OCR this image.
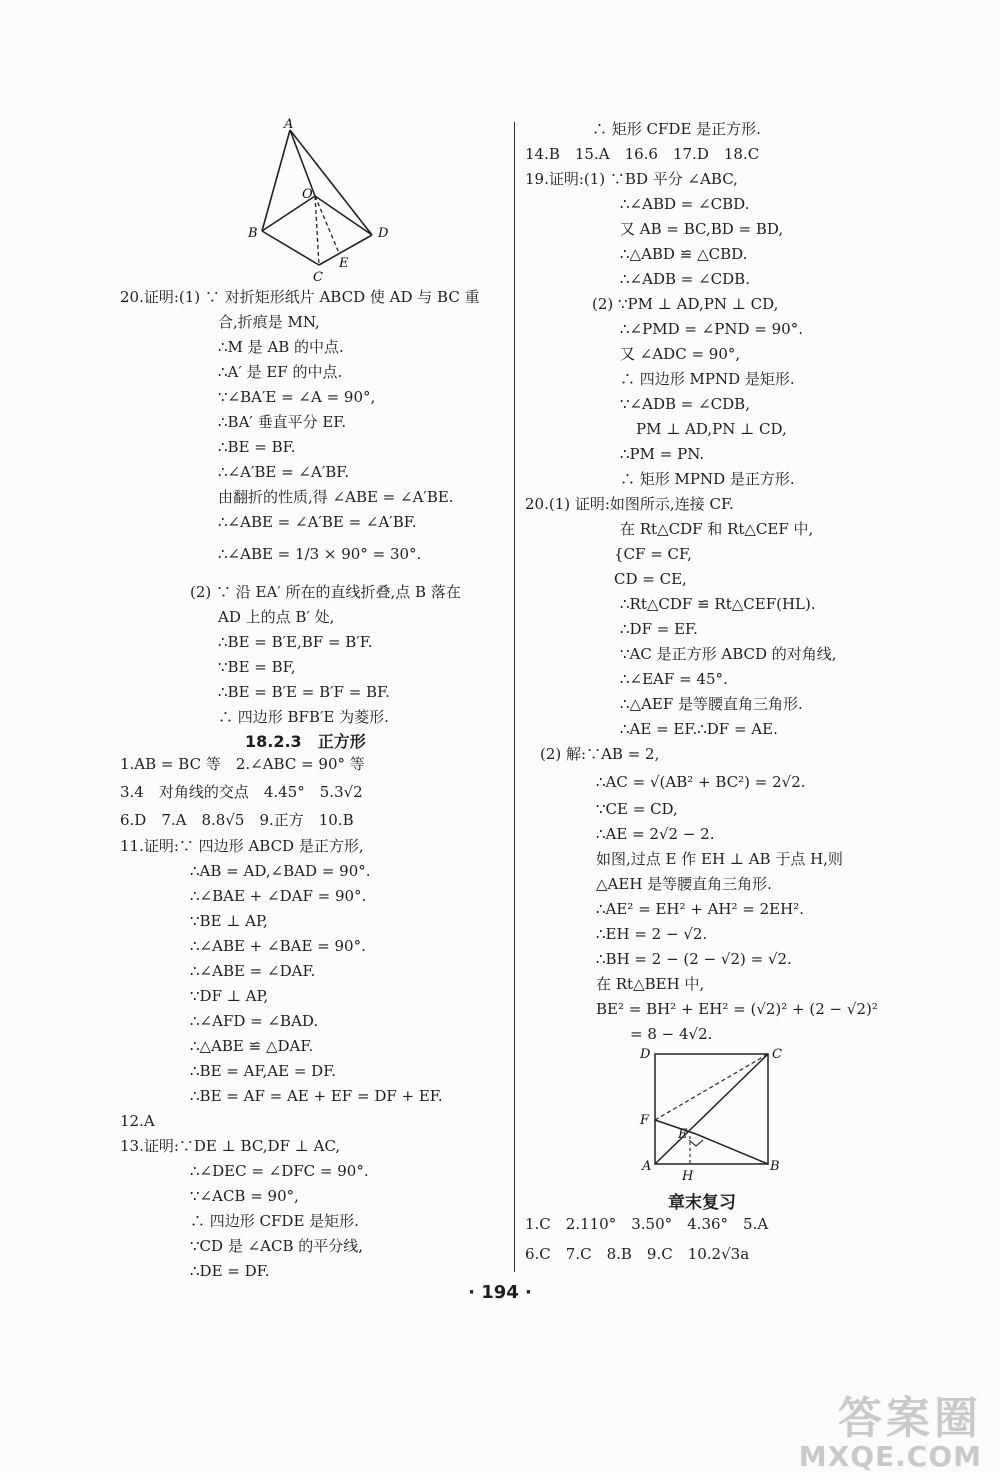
A
O
B	D
C
E
20.证明:(1) ∵ 对折矩形纸片 ABCD 使 AD 与 BC 重
合,折痕是 MN,
∴M 是 AB 的中点.
∴A′ 是 EF 的中点.
∵∠BA′E = ∠A = 90°,
∴BA′ 垂直平分 EF.
∴BE = BF.
∴∠A′BE = ∠A′BF.
由翻折的性质,得 ∠ABE = ∠A′BE.
∴∠ABE = ∠A′BE = ∠A′BF.
∴∠ABE = 1/3 × 90° = 30°.
(2) ∵ 沿 EA′ 所在的直线折叠,点 B 落在
AD 上的点 B′ 处,
∴BE = B′E,BF = B′F.
∵BE = BF,
∴BE = B′E = B′F = BF.
∴ 四边形 BFB′E 为菱形.
18.2.3　正方形
1.AB = BC 等　2.∠ABC = 90° 等
3.4　对角线的交点　4.45°　5.3√2
6.D　7.A　8.8√5　9.正方　10.B
11.证明:∵ 四边形 ABCD 是正方形,
∴AB = AD,∠BAD = 90°.
∴∠BAE + ∠DAF = 90°.
∵BE ⊥ AP,
∴∠ABE + ∠BAE = 90°.
∴∠ABE = ∠DAF.
∵DF ⊥ AP,
∴∠AFD = ∠BAD.
∴△ABE ≌ △DAF.
∴BE = AF,AE = DF.
∴BE = AF = AE + EF = DF + EF.
12.A
13.证明:∵DE ⊥ BC,DF ⊥ AC,
∴∠DEC = ∠DFC = 90°.
∵∠ACB = 90°,
∴ 四边形 CFDE 是矩形.
∵CD 是 ∠ACB 的平分线,
∴DE = DF.
∴ 矩形 CFDE 是正方形.
14.B　15.A　16.6　17.D　18.C
19.证明:(1) ∵BD 平分 ∠ABC,
∴∠ABD = ∠CBD.
又 AB = BC,BD = BD,
∴△ABD ≌ △CBD.
∴∠ADB = ∠CDB.
(2) ∵PM ⊥ AD,PN ⊥ CD,
∴∠PMD = ∠PND = 90°.
又 ∠ADC = 90°,
∴ 四边形 MPND 是矩形.
∵∠ADB = ∠CDB,
PM ⊥ AD,PN ⊥ CD,
∴PM = PN.
∴ 矩形 MPND 是正方形.
20.(1) 证明:如图所示,连接 CF.
在 Rt△CDF 和 Rt△CEF 中,
{CF = CF,
CD = CE,
∴Rt△CDF ≌ Rt△CEF(HL).
∴DF = EF.
∵AC 是正方形 ABCD 的对角线,
∴∠EAF = 45°.
∴△AEF 是等腰直角三角形.
∴AE = EF.∴DF = AE.
(2) 解:∵AB = 2,
∴AC = √(AB² + BC²) = 2√2.
∵CE = CD,
∴AE = 2√2 − 2.
如图,过点 E 作 EH ⊥ AB 于点 H,则
△AEH 是等腰直角三角形.
∴AE² = EH² + AH² = 2EH².
∴EH = 2 − √2.
∴BH = 2 − (2 − √2) = √2.
在 Rt△BEH 中,
BE² = BH² + EH² = (√2)² + (2 − √2)²
= 8 − 4√2.
D	C
F
E
A
H
B
章末复习
1.C　2.110°　3.50°　4.36°　5.A
6.C　7.C　8.B　9.C　10.2√3a
· 194 ·
答案圈
MXQE.COM
